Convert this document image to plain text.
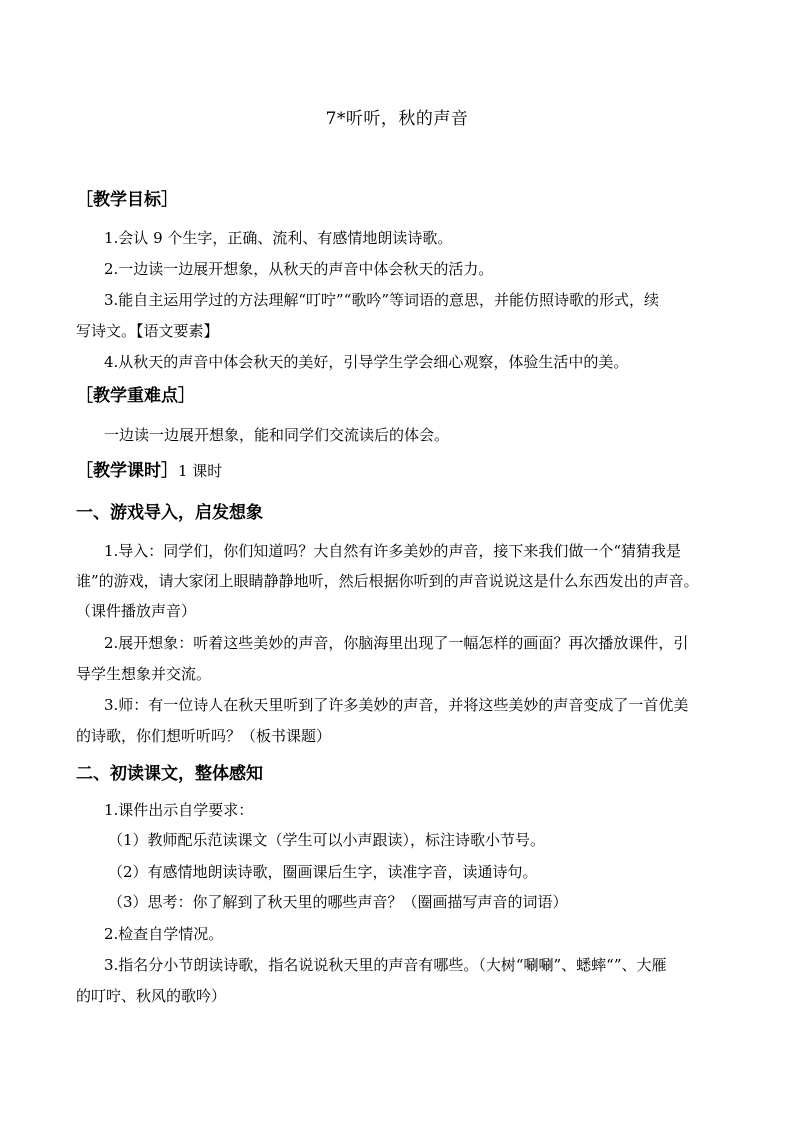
7*听听，秋的声音
［教学目标］
1.会认 9 个生字，正确、流利、有感情地朗读诗歌。
2.一边读一边展开想象，从秋天的声音中体会秋天的活力。
3.能自主运用学过的方法理解“叮咛”“歌吟”等词语的意思，并能仿照诗歌的形式，续
写诗文。【语文要素】
4.从秋天的声音中体会秋天的美好，引导学生学会细心观察，体验生活中的美。
［教学重难点］
一边读一边展开想象，能和同学们交流读后的体会。
［教学课时］1 课时
一、游戏导入，启发想象
1.导入：同学们，你们知道吗？大自然有许多美妙的声音，接下来我们做一个“猜猜我是
谁”的游戏，请大家闭上眼睛静静地听，然后根据你听到的声音说说这是什么东西发出的声音。
（课件播放声音）
2.展开想象：听着这些美妙的声音，你脑海里出现了一幅怎样的画面？再次播放课件，引
导学生想象并交流。
3.师：有一位诗人在秋天里听到了许多美妙的声音，并将这些美妙的声音变成了一首优美
的诗歌，你们想听听吗？（板书课题）
二、初读课文，整体感知
1.课件出示自学要求：
（1）教师配乐范读课文（学生可以小声跟读），标注诗歌小节号。
（2）有感情地朗读诗歌，圈画课后生字，读准字音，读通诗句。
（3）思考：你了解到了秋天里的哪些声音？（圈画描写声音的词语）
2.检查自学情况。
3.指名分小节朗读诗歌，指名说说秋天里的声音有哪些。（大树“唰唰”、蟋蟀“”、大雁
的叮咛、秋风的歌吟）
